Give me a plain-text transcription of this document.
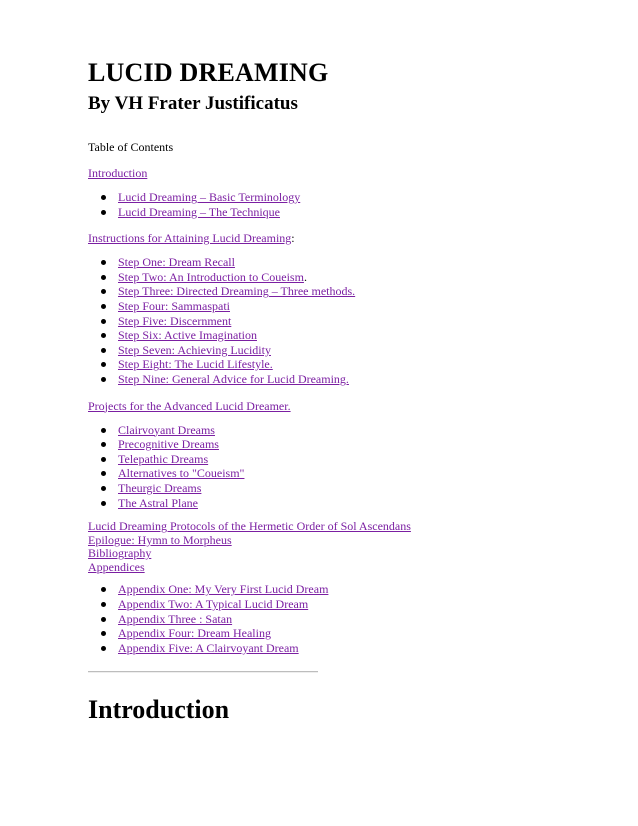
LUCID DREAMING
By VH Frater Justificatus
Table of Contents
Introduction
Lucid Dreaming – Basic Terminology
Lucid Dreaming – The Technique
Instructions for Attaining Lucid Dreaming:
Step One: Dream Recall
Step Two: An Introduction to Coueism.
Step Three: Directed Dreaming – Three methods.
Step Four: Sammaspati
Step Five: Discernment
Step Six: Active Imagination
Step Seven: Achieving Lucidity
Step Eight: The Lucid Lifestyle.
Step Nine: General Advice for Lucid Dreaming.
Projects for the Advanced Lucid Dreamer.
Clairvoyant Dreams
Precognitive Dreams
Telepathic Dreams
Alternatives to "Coueism"
Theurgic Dreams
The Astral Plane
Lucid Dreaming Protocols of the Hermetic Order of Sol Ascendans
Epilogue: Hymn to Morpheus
Bibliography
Appendices
Appendix One: My Very First Lucid Dream
Appendix Two: A Typical Lucid Dream
Appendix Three : Satan
Appendix Four: Dream Healing
Appendix Five: A Clairvoyant Dream
Introduction
